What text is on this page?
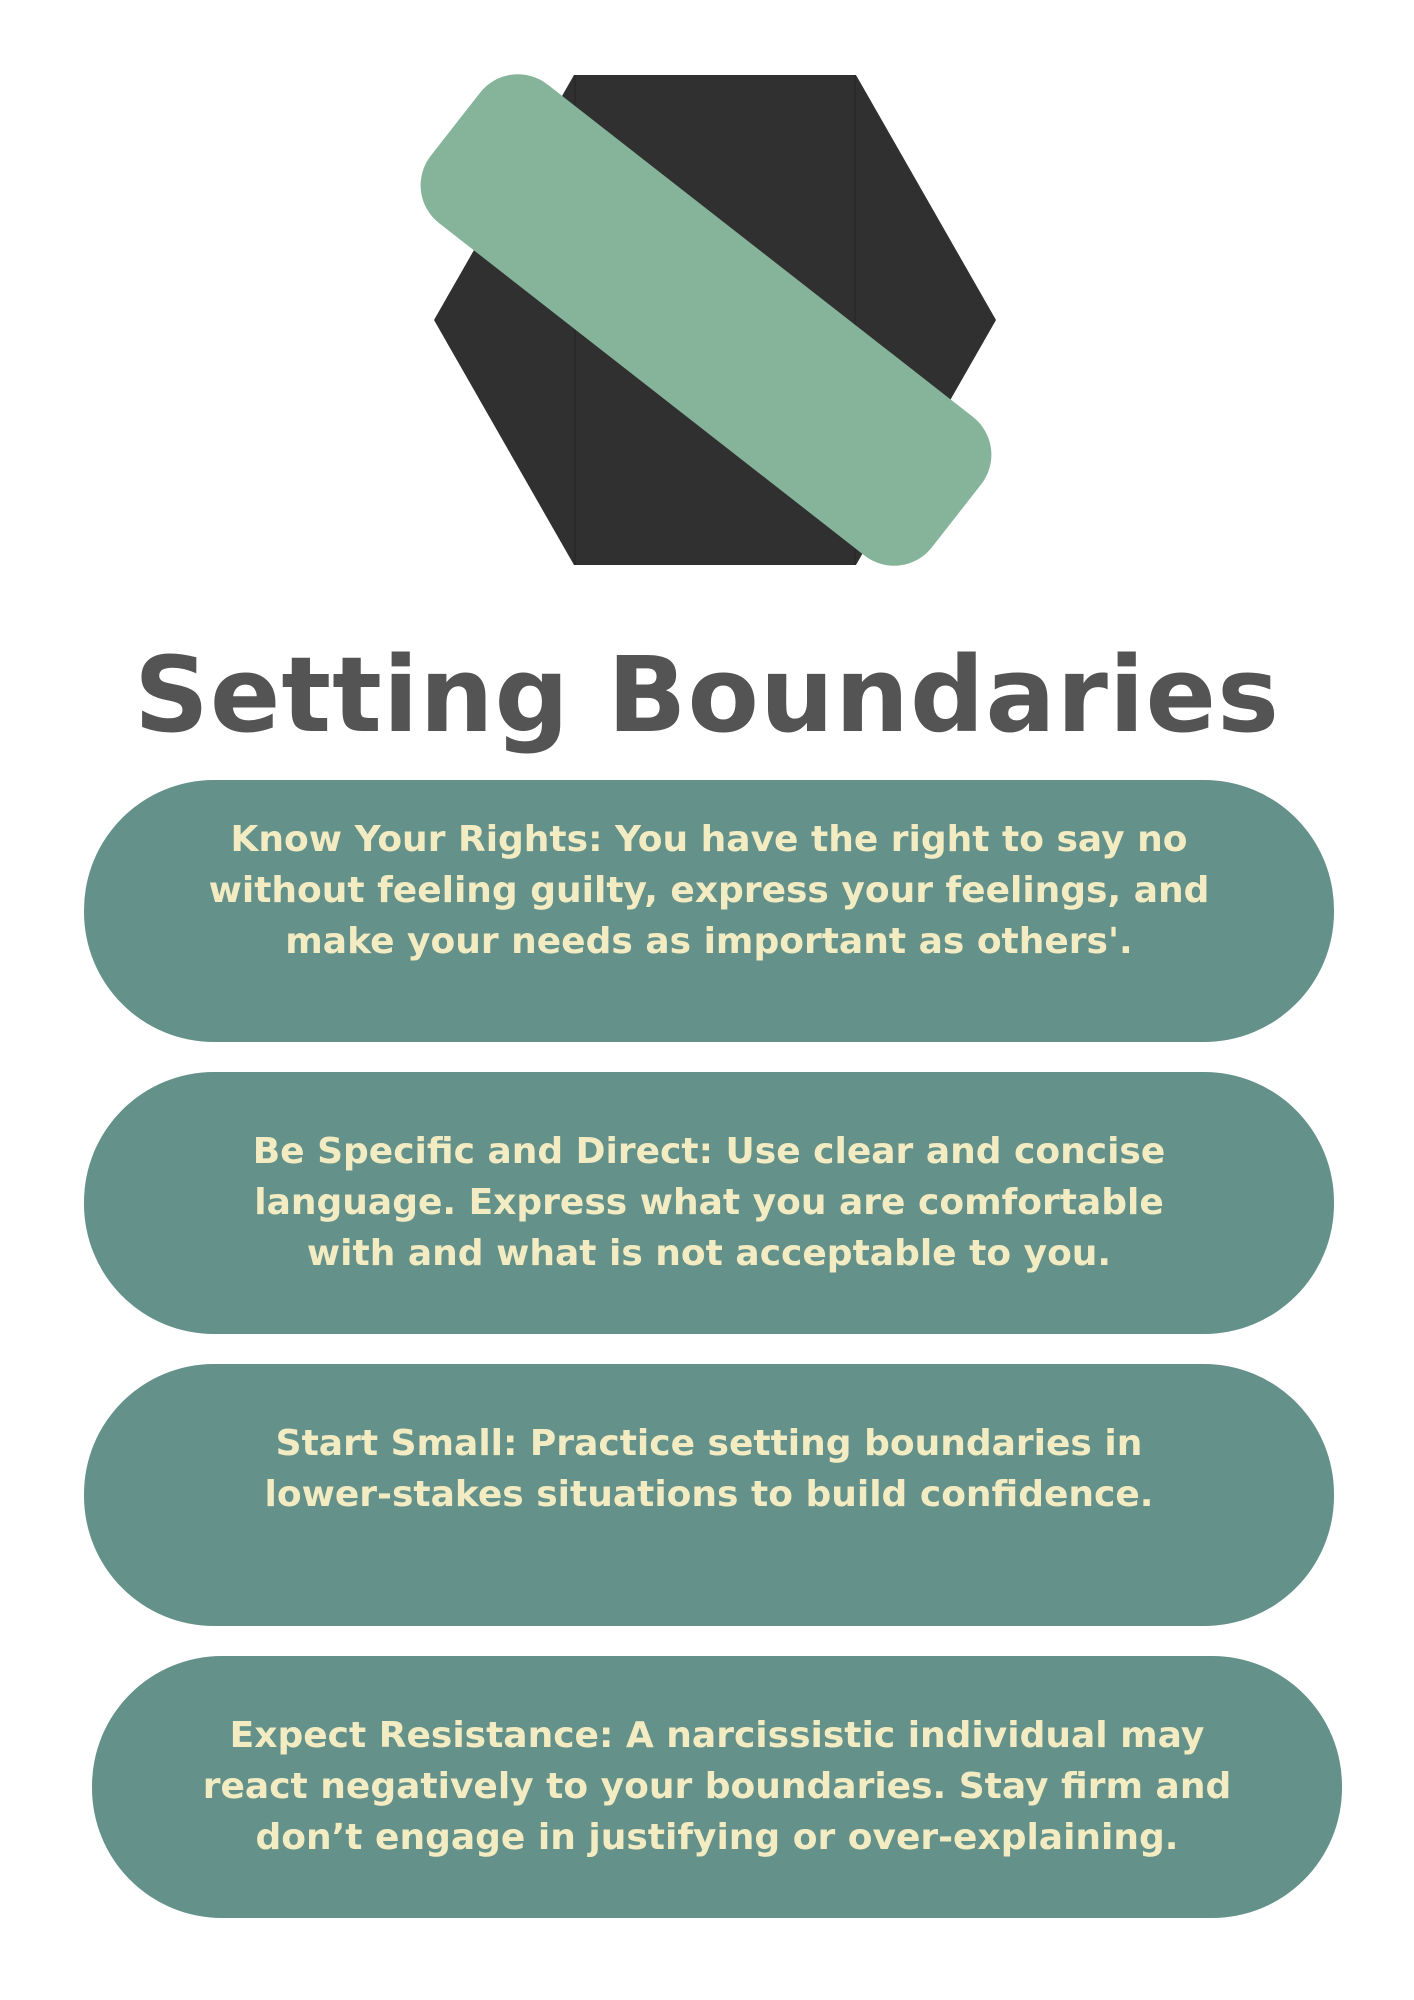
Setting Boundaries

Know Your Rights: You have the right to say no without feeling guilty, express your feelings, and make your needs as important as others'.

Be Specific and Direct: Use clear and concise language. Express what you are comfortable with and what is not acceptable to you.

Start Small: Practice setting boundaries in lower-stakes situations to build confidence.

Expect Resistance: A narcissistic individual may react negatively to your boundaries. Stay firm and don’t engage in justifying or over-explaining.
